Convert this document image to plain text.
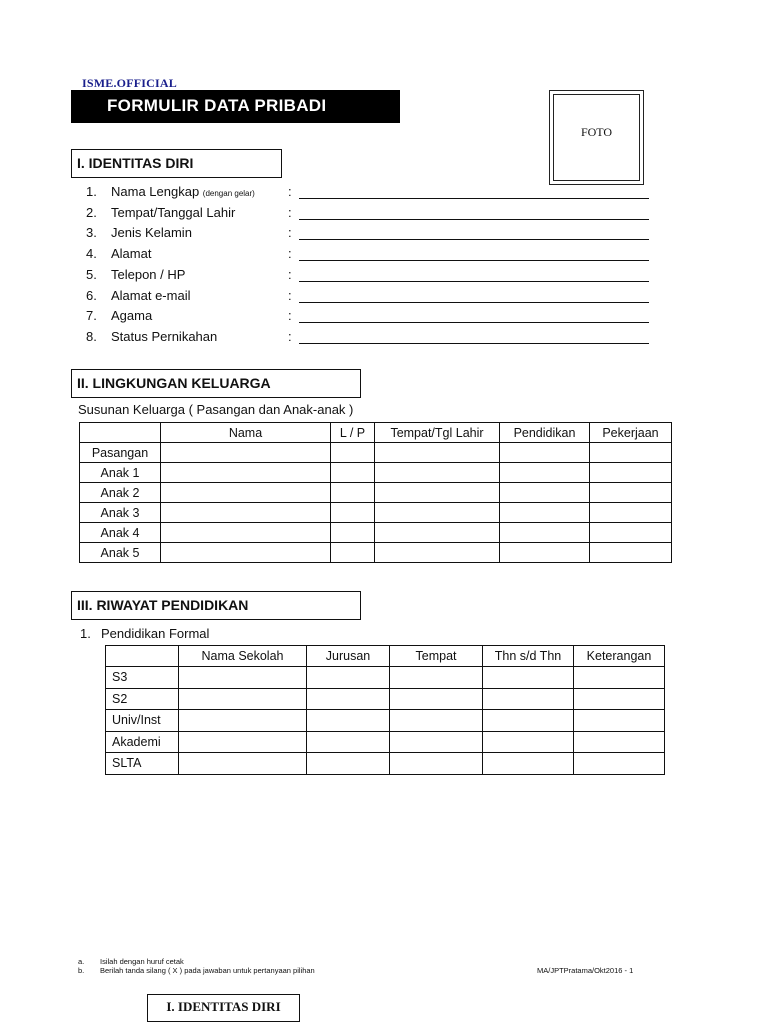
ISME.OFFICIAL
FORMULIR DATA PRIBADI
FOTO
I. IDENTITAS DIRI
1. Nama Lengkap (dengan gelar)	:
2. Tempat/Tanggal Lahir	:
3. Jenis Kelamin	:
4. Alamat	:
5. Telepon / HP	:
6. Alamat e-mail	:
7. Agama	:
8. Status Pernikahan	:
II. LINGKUNGAN KELUARGA
Susunan Keluarga ( Pasangan dan Anak-anak )
	Nama	L / P	Tempat/Tgl Lahir	Pendidikan	Pekerjaan
Pasangan					
Anak 1					
Anak 2					
Anak 3					
Anak 4					
Anak 5					
III. RIWAYAT PENDIDIKAN
1. Pendidikan Formal
	Nama Sekolah	Jurusan	Tempat	Thn s/d Thn	Keterangan
S3					
S2					
Univ/Inst					
Akademi					
SLTA					
a. Isilah dengan huruf cetak
b. Berilah tanda silang ( X ) pada jawaban untuk pertanyaan pilihan	MA/JPTPratama/Okt2016 - 1
I. IDENTITAS DIRI
